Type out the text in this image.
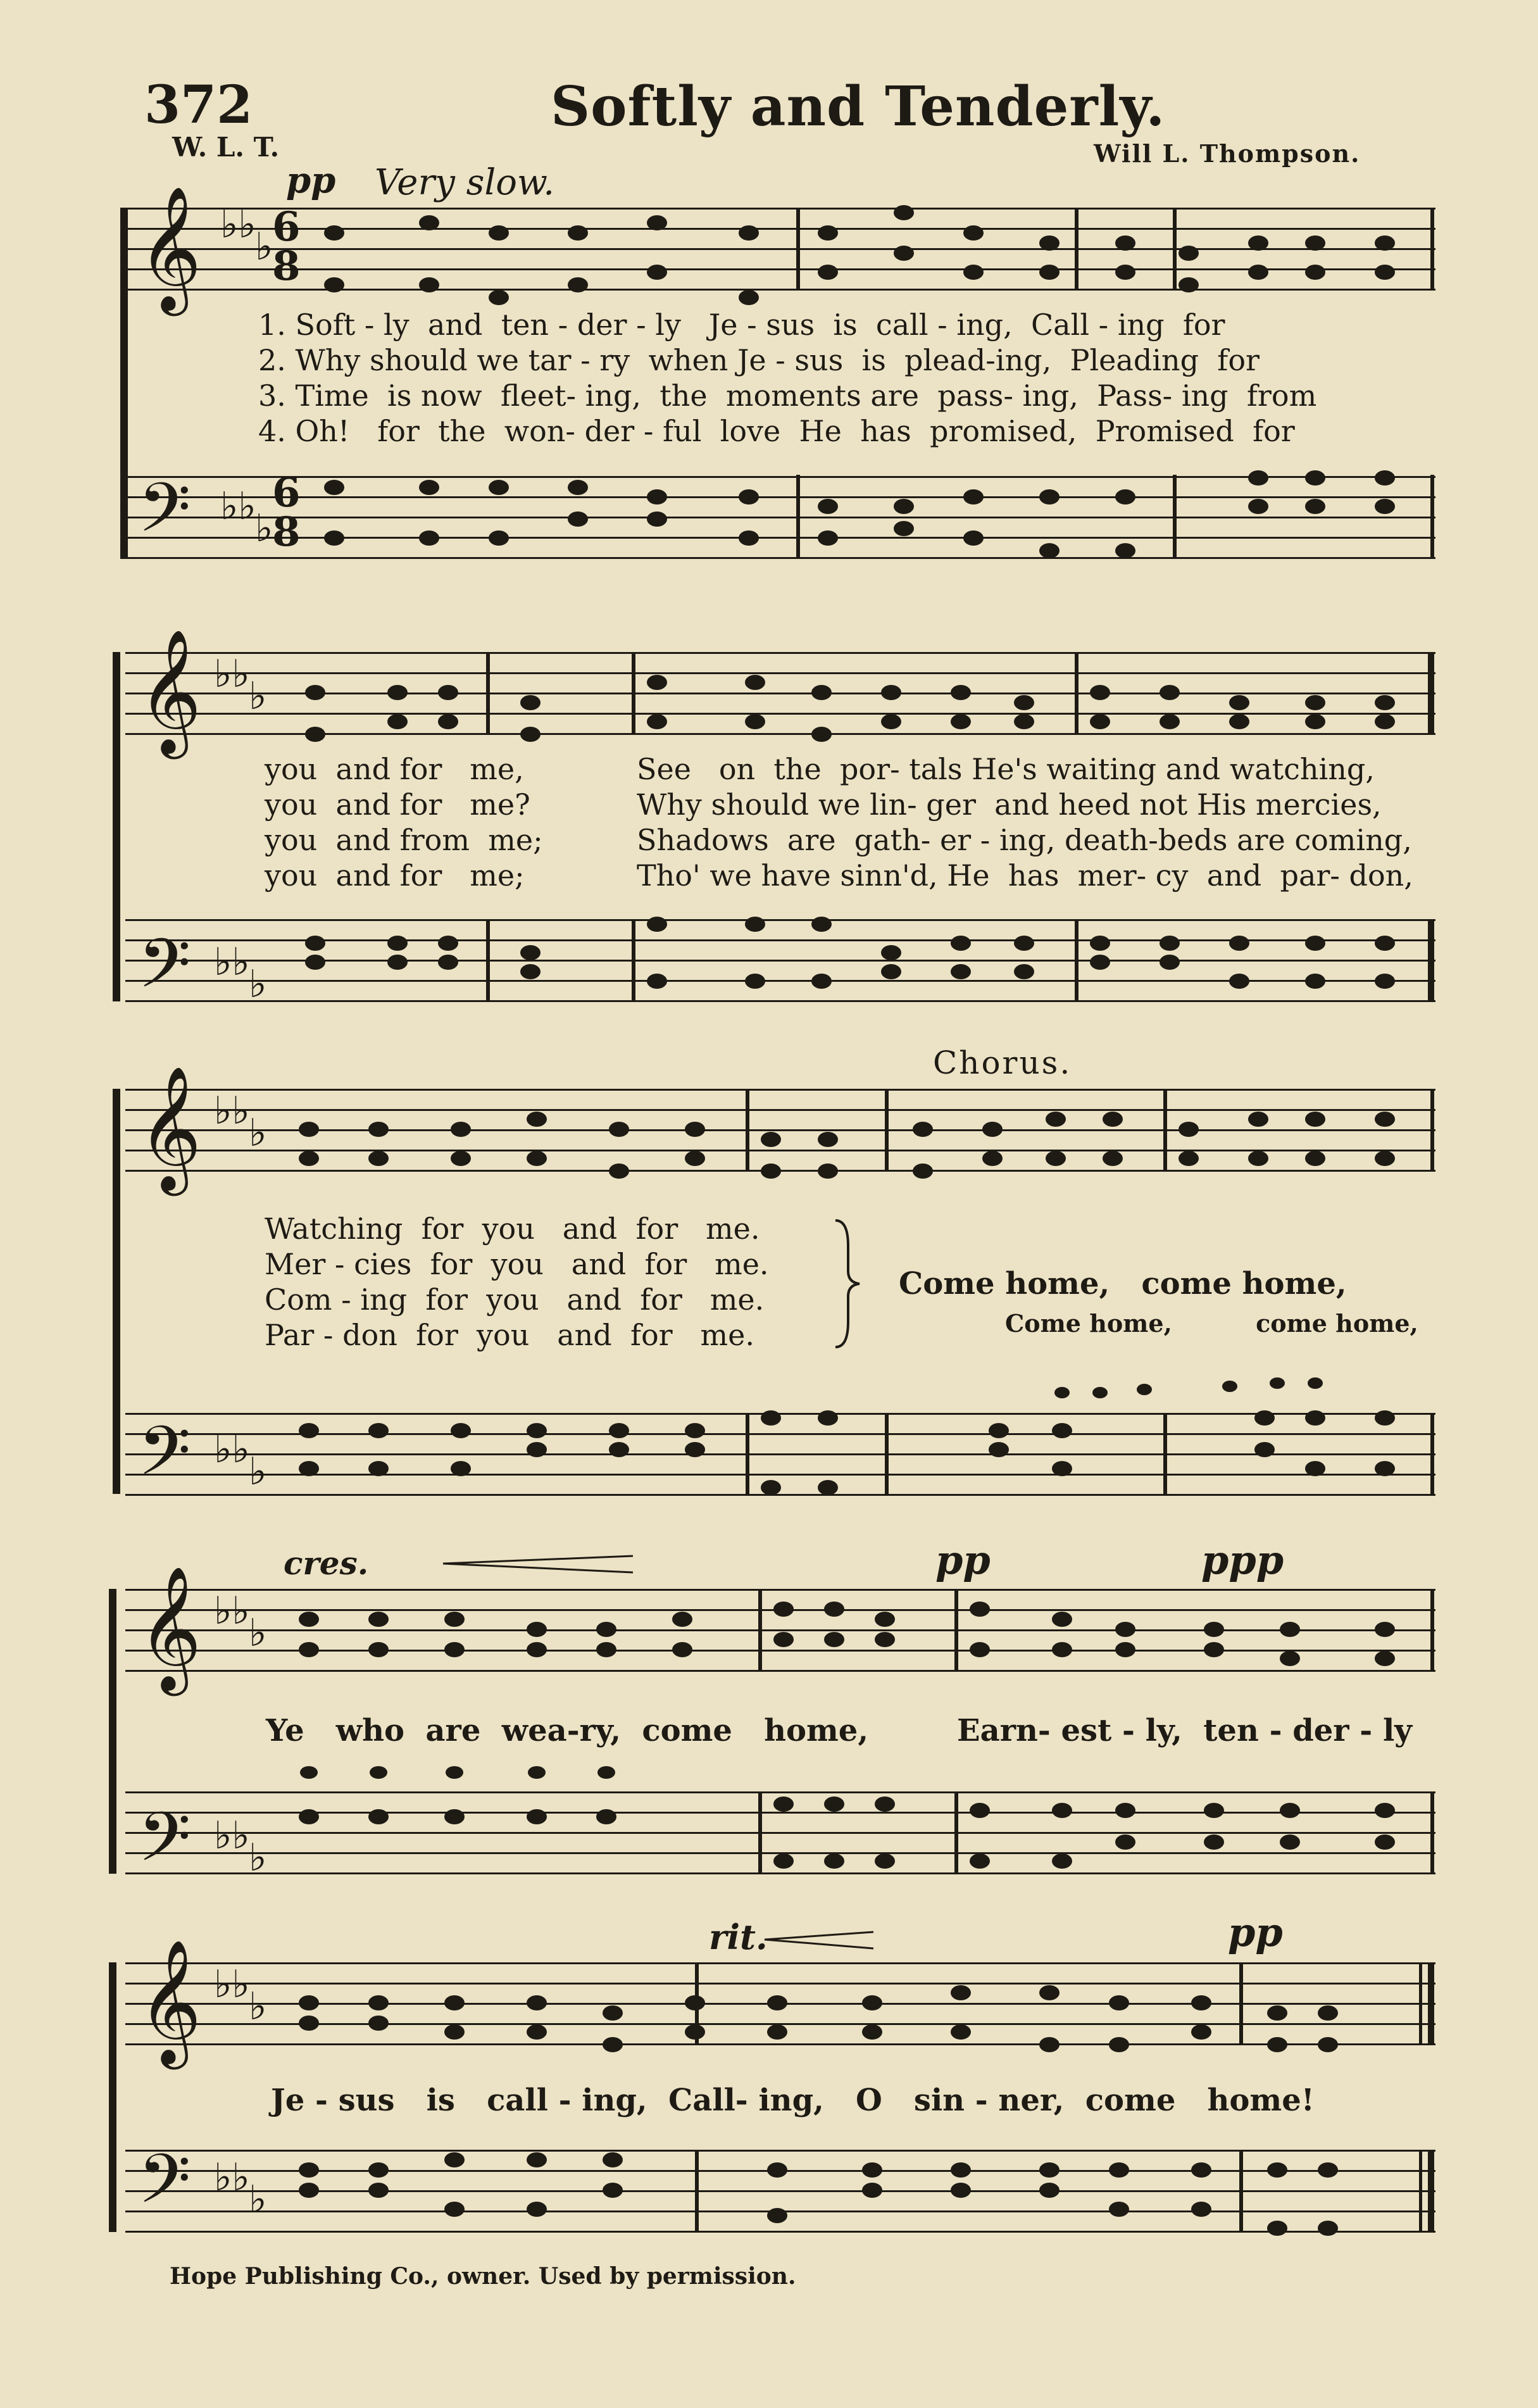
372	Softly and Tenderly.
W. L. T.	Will L. Thompson.
pp Very slow.
𝄞 ♭♭
♭
6
8
𝄢 ♭♭
♭
6
8
1. Soft - ly  and  ten - der - ly   Je - sus  is  call - ing,  Call - ing  for
2. Why should we tar - ry  when Je - sus  is  plead-ing,  Pleading  for
3. Time  is now  fleet- ing,  the  moments are  pass- ing,  Pass- ing  from
4. Oh!   for  the  won- der - ful  love  He  has  promised,  Promised  for
𝄞 ♭♭
♭
𝄢 ♭♭
♭
you  and for   me,
you  and for   me?
you  and from  me;
you  and for   me;
See   on  the  por- tals He's waiting and watching,
Why should we lin- ger  and heed not His mercies,
Shadows  are  gath- er - ing, death-beds are coming,
Tho' we have sinn'd, He  has  mer- cy  and  par- don,
𝄞 ♭♭
♭
𝄢 ♭♭
♭
Chorus.
Watching  for  you   and  for   me.
Mer - cies  for  you   and  for   me.
Com - ing  for  you   and  for   me.
Par - don  for  you   and  for   me.
Come home,   come home,
Come home,          come home,
cres.	pp	ppp
𝄞 ♭♭
♭
𝄢 ♭♭
♭
Ye   who  are  wea-ry,  come   home,	Earn- est - ly,  ten - der - ly
rit.	pp
𝄞 ♭♭
♭
𝄢 ♭♭
♭
Je - sus   is   call - ing,  Call- ing,   O   sin - ner,  come   home!
Hope Publishing Co., owner. Used by permission.
